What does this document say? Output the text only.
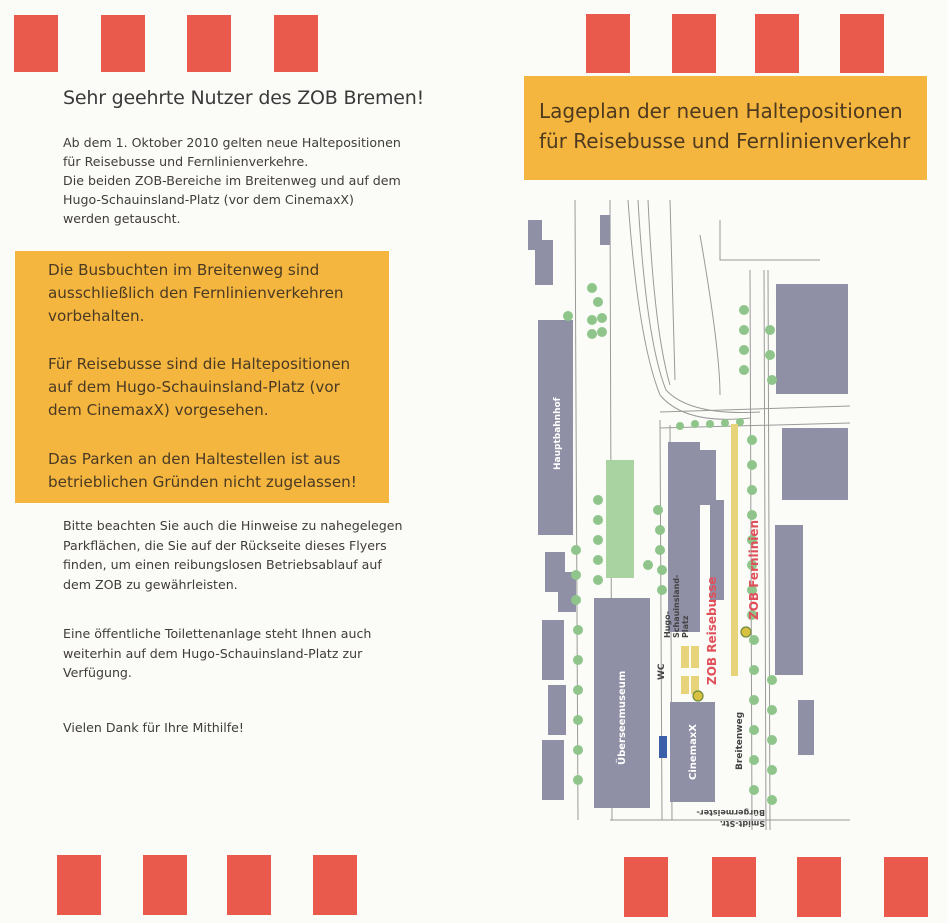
Sehr geehrte Nutzer des ZOB Bremen!
Ab dem 1. Oktober 2010 gelten neue Haltepositionen
für Reisebusse und Fernlinienverkehre.
Die beiden ZOB-Bereiche im Breitenweg und auf dem
Hugo-Schauinsland-Platz (vor dem CinemaxX)
werden getauscht.
Die Busbuchten im Breitenweg sind
ausschließlich den Fernlinienverkehren
vorbehalten.
Für Reisebusse sind die Haltepositionen
auf dem Hugo-Schauinsland-Platz (vor
dem CinemaxX) vorgesehen.
Das Parken an den Haltestellen ist aus
betrieblichen Gründen nicht zugelassen!
Bitte beachten Sie auch die Hinweise zu nahegelegen
Parkflächen, die Sie auf der Rückseite dieses Flyers
finden, um einen reibungslosen Betriebsablauf auf
dem ZOB zu gewährleisten.
Eine öffentliche Toilettenanlage steht Ihnen auch
weiterhin auf dem Hugo-Schauinsland-Platz zur
Verfügung.
Vielen Dank für Ihre Mithilfe!
Lageplan der neuen Haltepositionen
für Reisebusse und Fernlinienverkehr
Hauptbahnhof
Überseemuseum	CinemaxX	Breitenweg
WC
Hugo- Schauinsland- Platz ZOB Reisebusse
ZOB Fernlinien
Bürgermeister-
Smidt-Str.
